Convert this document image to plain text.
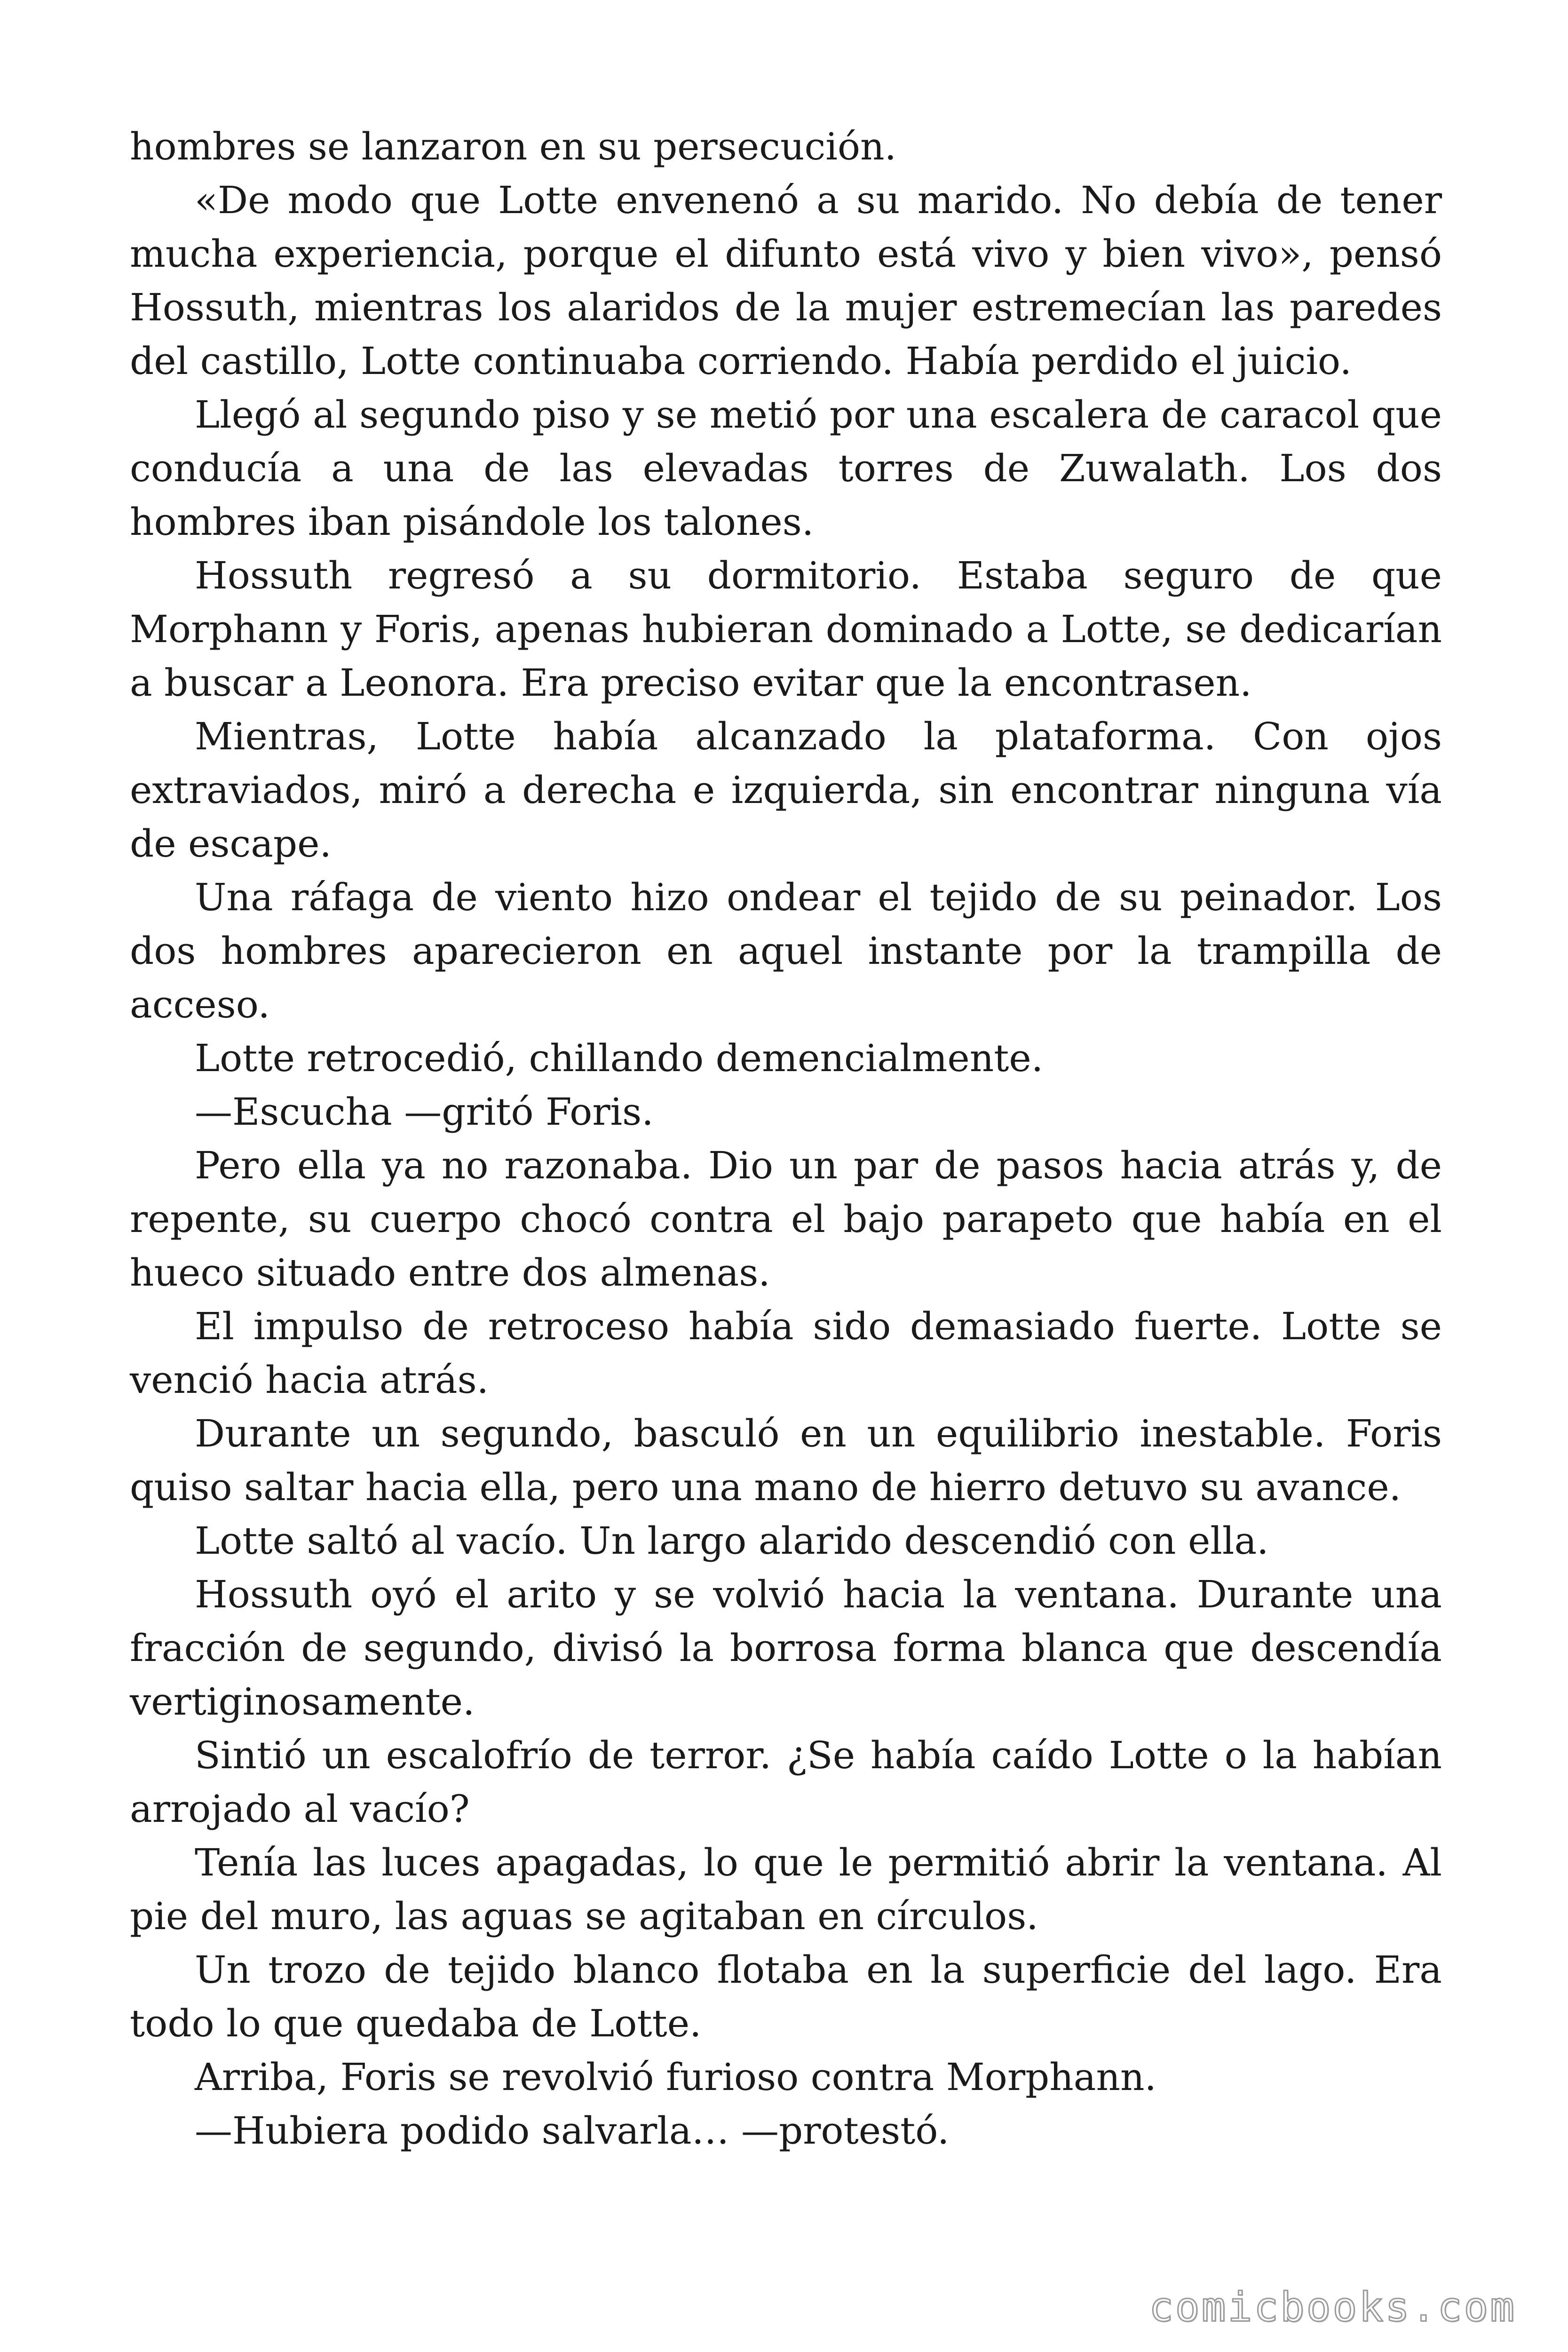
hombres se lanzaron en su persecución.

«De modo que Lotte envenenó a su marido. No debía de tener mucha experiencia, porque el difunto está vivo y bien vivo», pensó Hossuth, mientras los alaridos de la mujer estremecían las paredes del castillo, Lotte continuaba corriendo. Había perdido el juicio.

Llegó al segundo piso y se metió por una escalera de caracol que conducía a una de las elevadas torres de Zuwalath. Los dos hombres iban pisándole los talones.

Hossuth regresó a su dormitorio. Estaba seguro de que Morphann y Foris, apenas hubieran dominado a Lotte, se dedicarían a buscar a Leonora. Era preciso evitar que la encontrasen.

Mientras, Lotte había alcanzado la plataforma. Con ojos extraviados, miró a derecha e izquierda, sin encontrar ninguna vía de escape.

Una ráfaga de viento hizo ondear el tejido de su peinador. Los dos hombres aparecieron en aquel instante por la trampilla de acceso.

Lotte retrocedió, chillando demencialmente.

—Escucha —gritó Foris.

Pero ella ya no razonaba. Dio un par de pasos hacia atrás y, de repente, su cuerpo chocó contra el bajo parapeto que había en el hueco situado entre dos almenas.

El impulso de retroceso había sido demasiado fuerte. Lotte se venció hacia atrás.

Durante un segundo, basculó en un equilibrio inestable. Foris quiso saltar hacia ella, pero una mano de hierro detuvo su avance.

Lotte saltó al vacío. Un largo alarido descendió con ella.

Hossuth oyó el arito y se volvió hacia la ventana. Durante una fracción de segundo, divisó la borrosa forma blanca que descendía vertiginosamente.

Sintió un escalofrío de terror. ¿Se había caído Lotte o la habían arrojado al vacío?

Tenía las luces apagadas, lo que le permitió abrir la ventana. Al pie del muro, las aguas se agitaban en círculos.

Un trozo de tejido blanco flotaba en la superficie del lago. Era todo lo que quedaba de Lotte.

Arriba, Foris se revolvió furioso contra Morphann.

—Hubiera podido salvarla… —protestó.

comicbooks.com
